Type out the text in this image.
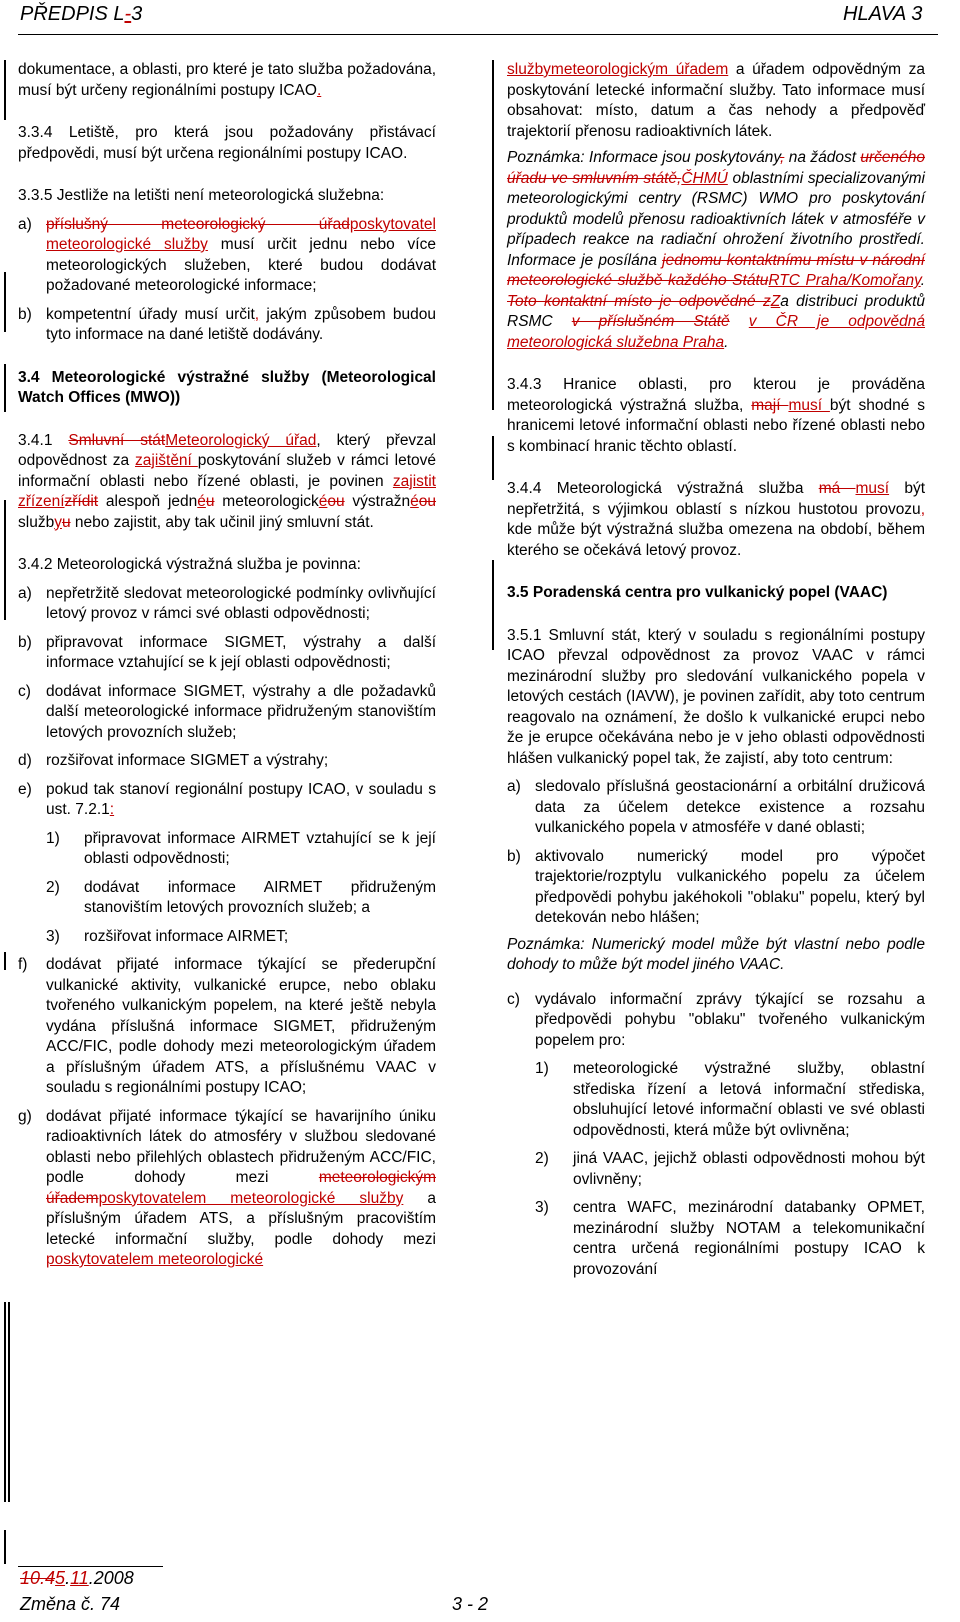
PŘEDPIS L-3	HLAVA 3

dokumentace, a oblasti, pro které je tato služba požadována, musí být určeny regionálními postupy ICAO.

3.3.4 Letiště, pro která jsou požadovány přistávací předpovědi, musí být určena regionálními postupy ICAO.

3.3.5 Jestliže na letišti není meteorologická služebna:

a) příslušný meteorologický úřadposkytovatel meteorologické služby musí určit jednu nebo více meteorologických služeben, které budou dodávat požadované meteorologické informace;
b) kompetentní úřady musí určit, jakým způsobem budou tyto informace na dané letiště dodávány.

3.4 Meteorologické výstražné služby (Meteorological Watch Offices (MWO))

3.4.1 Smluvní státMeteorologický úřad, který převzal odpovědnost za zajištění poskytování služeb v rámci letové informační oblasti nebo řízené oblasti, je povinen zajistit zřízenízřídit alespoň jednéu meteorologickéou výstražnéou službyu nebo zajistit, aby tak učinil jiný smluvní stát.

3.4.2 Meteorologická výstražná služba je povinna:

a) nepřetržitě sledovat meteorologické podmínky ovlivňující letový provoz v rámci své oblasti odpovědnosti;
b) připravovat informace SIGMET, výstrahy a další informace vztahující se k její oblasti odpovědnosti;
c) dodávat informace SIGMET, výstrahy a dle požadavků další meteorologické informace přidruženým stanovištím letových provozních služeb;
d) rozšiřovat informace SIGMET a výstrahy;
e) pokud tak stanoví regionální postupy ICAO, v souladu s ust. 7.2.1:
1) připravovat informace AIRMET vztahující se k její oblasti odpovědnosti;
2) dodávat informace AIRMET přidruženým stanovištím letových provozních služeb; a
3) rozšiřovat informace AIRMET;
f) dodávat přijaté informace týkající se přederupční vulkanické aktivity, vulkanické erupce, nebo oblaku tvořeného vulkanickým popelem, na které ještě nebyla vydána příslušná informace SIGMET, přidruženým ACC/FIC, podle dohody mezi meteorologickým úřadem a příslušným úřadem ATS, a příslušnému VAAC v souladu s regionálními postupy ICAO;
g) dodávat přijaté informace týkající se havarijního úniku radioaktivních látek do atmosféry v službou sledované oblasti nebo přilehlých oblastech přidruženým ACC/FIC, podle dohody mezi meteorologickým úřademposkytovatelem meteorologické služby a příslušným úřadem ATS, a příslušným pracovištím letecké informační služby, podle dohody mezi poskytovatelem meteorologické

službymeteorologickým úřadem a úřadem odpovědným za poskytování letecké informační služby. Tato informace musí obsahovat: místo, datum a čas nehody a předpověď trajektorií přenosu radioaktivních látek.

Poznámka: Informace jsou poskytovány, na žádost určeného úřadu ve smluvním státě,ČHMÚ oblastními specializovanými meteorologickými centry (RSMC) WMO pro poskytování produktů modelů přenosu radioaktivních látek v atmosféře v případech reakce na radiační ohrožení životního prostředí. Informace je posílána jednomu kontaktnímu místu v národní meteorologické službě každého StátuRTC Praha/Komořany. Toto kontaktní místo je odpovědné zZa distribuci produktů RSMC v příslušném Státě v ČR je odpovědná meteorologická služebna Praha.

3.4.3 Hranice oblasti, pro kterou je prováděna meteorologická výstražná služba, mají musí být shodné s hranicemi letové informační oblasti nebo řízené oblasti nebo s kombinací hranic těchto oblastí.

3.4.4 Meteorologická výstražná služba má musí být nepřetržitá, s výjimkou oblastí s nízkou hustotou provozu, kde může být výstražná služba omezena na období, během kterého se očekává letový provoz.

3.5 Poradenská centra pro vulkanický popel (VAAC)

3.5.1 Smluvní stát, který v souladu s regionálními postupy ICAO převzal odpovědnost za provoz VAAC v rámci mezinárodní služby pro sledování vulkanického popela v letových cestách (IAVW), je povinen zařídit, aby toto centrum reagovalo na oznámení, že došlo k vulkanické erupci nebo že je erupce očekávána nebo je v jeho oblasti odpovědnosti hlášen vulkanický popel tak, že zajistí, aby toto centrum:

a) sledovalo příslušná geostacionární a orbitální družicová data za účelem detekce existence a rozsahu vulkanického popela v atmosféře v dané oblasti;
b) aktivovalo numerický model pro výpočet trajektorie/rozptylu vulkanického popelu za účelem předpovědi pohybu jakéhokoli "oblaku" popelu, který byl detekován nebo hlášen;

Poznámka: Numerický model může být vlastní nebo podle dohody to může být model jiného VAAC.

c) vydávalo informační zprávy týkající se rozsahu a předpovědi pohybu "oblaku" tvořeného vulkanickým popelem pro:
1) meteorologické výstražné služby, oblastní střediska řízení a letová informační střediska, obsluhující letové informační oblasti ve své oblasti odpovědnosti, která může být ovlivněna;
2) jiná VAAC, jejichž oblasti odpovědnosti mohou být ovlivněny;
3) centra WAFC, mezinárodní databanky OPMET, mezinárodní služby NOTAM a telekomunikační centra určená regionálními postupy ICAO k provozování
10.45.11.2008
Změna č. 74	3 - 2
